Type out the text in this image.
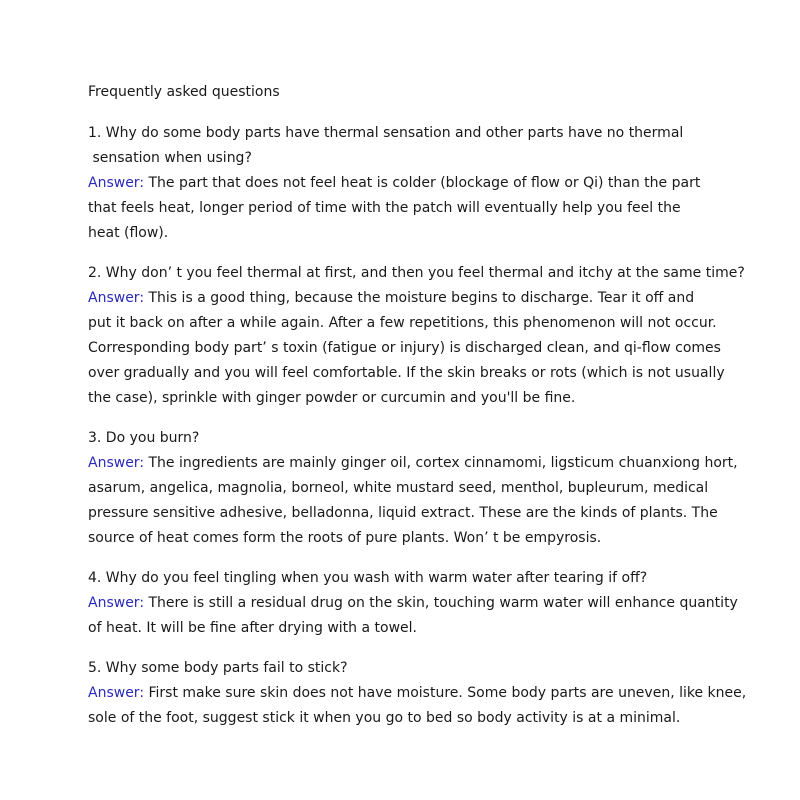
Frequently asked questions

1. Why do some body parts have thermal sensation and other parts have no thermal

sensation when using?

Answer: The part that does not feel heat is colder (blockage of flow or Qi) than the part

that feels heat, longer period of time with the patch will eventually help you feel the

heat (flow).

2. Why don’ t you feel thermal at first, and then you feel thermal and itchy at the same time?

Answer: This is a good thing, because the moisture begins to discharge. Tear it off and

put it back on after a while again. After a few repetitions, this phenomenon will not occur.

Corresponding body part’ s toxin (fatigue or injury) is discharged clean, and qi-flow comes

over gradually and you will feel comfortable. If the skin breaks or rots (which is not usually

the case), sprinkle with ginger powder or curcumin and you'll be fine.

3. Do you burn?

Answer: The ingredients are mainly ginger oil, cortex cinnamomi, ligsticum chuanxiong hort,

asarum, angelica, magnolia, borneol, white mustard seed, menthol, bupleurum, medical

pressure sensitive adhesive, belladonna, liquid extract. These are the kinds of plants. The

source of heat comes form the roots of pure plants. Won’ t be empyrosis.

4. Why do you feel tingling when you wash with warm water after tearing if off?

Answer: There is still a residual drug on the skin, touching warm water will enhance quantity

of heat. It will be fine after drying with a towel.

5. Why some body parts fail to stick?

Answer: First make sure skin does not have moisture. Some body parts are uneven, like knee,

sole of the foot, suggest stick it when you go to bed so body activity is at a minimal.
